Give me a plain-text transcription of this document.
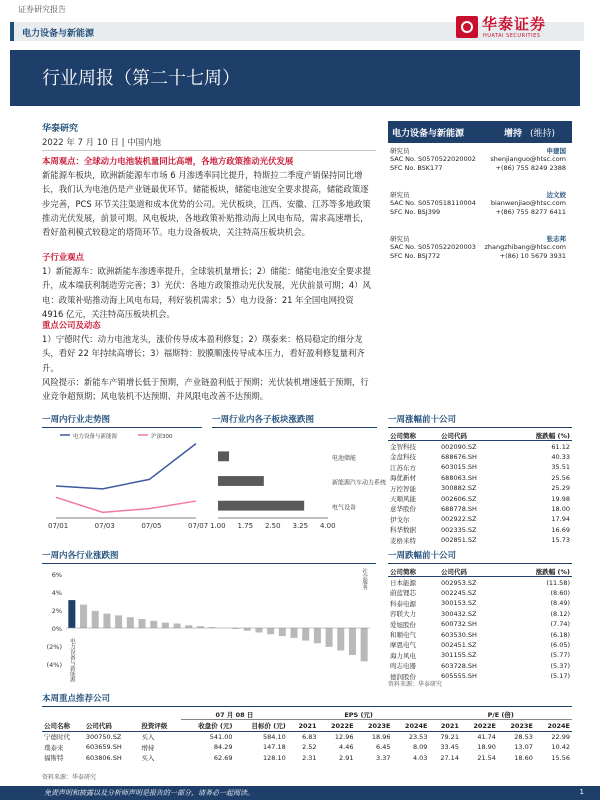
证券研究报告
电力设备与新能源
华泰证券
HUATAI SECURITIES
行业周报（第二十七周）
华泰研究
2022 年 7 月 10 日 | 中国内地
本周观点：全球动力电池装机量同比高增，各地方政策推动光伏发展
新能源车板块，欧洲新能源车市场 6 月渗透率同比提升，特斯拉二季度产销保持同比增长，我们认为电池仍是产业链最优环节。储能板块，储能电池安全要求提高，储能政策逐步完善，PCS 环节关注渠道和成本优势的公司。光伏板块，江西、安徽、江苏等多地政策推动光伏发展，前景可期。风电板块，各地政策补贴推动海上风电布局，需求高速增长，看好盈利模式较稳定的塔筒环节。电力设备板块，关注特高压板块机会。
子行业观点
1）新能源车：欧洲新能车渗透率提升，全球装机量增长；2）储能：储能电池安全要求提升，成本端获利制造劳完善；3）光伏：各地方政策推动光伏发展，光伏前景可期；4）风电：政策补贴推动海上风电布局，利好装机需求；5）电力设备：21 年全国电网投资 4916 亿元，关注特高压板块机会。
重点公司及动态
1）宁德时代：动力电池龙头，涨价传导成本盈利修复；2）璞泰来：格局稳定的细分龙头，看好 22 年持续高增长；3）福斯特：胶膜顺涨传导成本压力，看好盈利修复量利齐升。
风险提示：新能车产销增长低于预期，产业链盈利低于预期；光伏装机增速低于预期，行业竞争超预期；风电装机不达预期、并风限电改善不达预期。
电力设备与新能源	增持 (维持)
研究员	申建国
SAC No. S0570522020002 shenjianguo@htsc.com
SFC No. BSK177	+(86) 755 8249 2388
研究员	边文姣
SAC No. S0570518110004 bianwenjiao@htsc.com
SFC No. BSJ399	+(86) 755 8277 6411
研究员	张志邦
SAC No. S0570522020003 zhangzhibang@htsc.com
SFC No. BSJ772	+(86) 10 5679 3931
一周内行业走势图
07/01	07/03	07/05	07/07
电力设备与新能源	沪深300
一周行业内各子板块涨跌图
电池储能
新能源汽车动力系统
电气设备
1.00 1.75 2.50 3.25 4.00
一周内各行业涨跌图
6%
4%
2%
0%
(2%)
(4%) 电力设备与新能源
社会服务
一周涨幅前十公司
公司简称	公司代码	涨跌幅 (%)
金智科技	002090.SZ	61.12
金盘科技	688676.SH	40.33
江苏东方	603015.SH	35.51
海优新材	688063.SH	25.56
万控智能	300882.SZ	25.29
天顺风能	002606.SZ	19.98
意华股份	688778.SH	18.00
伊戈尔	002922.SZ	17.94
科华数据	002335.SZ	16.69
麦格米特	002851.SZ	15.73
一周跌幅前十公司
公司简称	公司代码	涨跌幅 (%)
日本能源	002953.SZ	(11.58)
蔚蓝锂芯	002245.SZ	(8.60)
科泰电源	300153.SZ	(8.49)
容联大力	300432.SZ	(8.12)
爱旭股份	600732.SH	(7.74)
和顺电气	603530.SH	(6.18)
摩恩电气	002451.SZ	(6.05)
海力风电	301155.SZ	(5.77)
鸣志电器	603728.SH	(5.37)
德润股份	605555.SH	(5.17)
资料来源：华泰研究
本周重点推荐公司
			07 月 08 日		EPS (元)				P/E (倍)			
公司名称	公司代码	投资评级	收盘价 (元)	目标价 (元)	2021	2022E	2023E	2024E	2021	2022E	2023E	2024E
宁德时代	300750.SZ	买入	541.00	584.10	6.83	12.96	18.96	23.53	79.21	41.74	28.53	22.99
璞泰来	603659.SH	增持	84.29	147.18	2.52	4.46	6.45	8.09	33.45	18.90	13.07	10.42
福斯特	603806.SH	买入	62.69	128.10	2.31	2.91	3.37	4.03	27.14	21.54	18.60	15.56
资料来源：华泰研究
免责声明和披露以及分析师声明是报告的一部分，请务必一起阅读。	1
